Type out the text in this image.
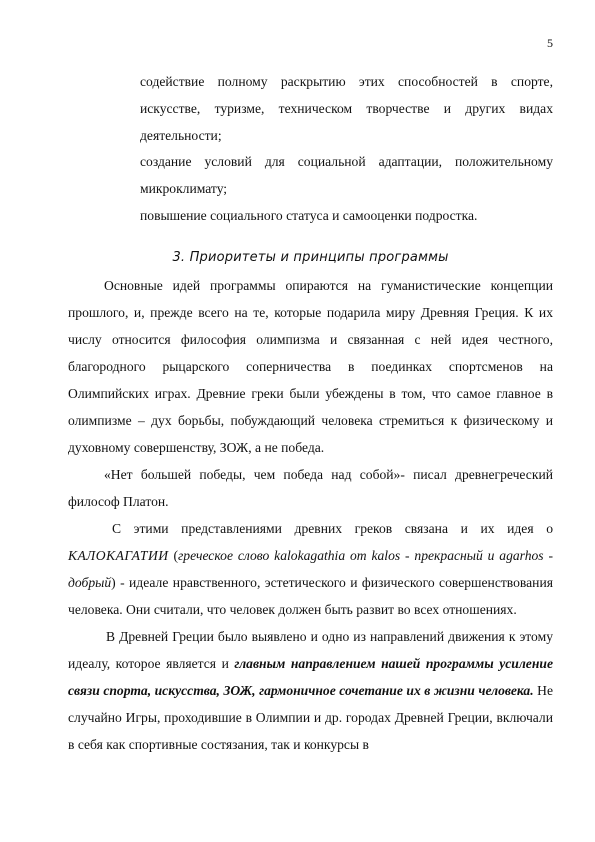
5
содействие полному раскрытию этих способностей в спорте, искусстве, туризме, техническом творчестве и других видах деятельности;
создание условий для социальной адаптации, положительному микроклимату;
повышение социального статуса и самооценки подростка.
3. Приоритеты и принципы программы

Основные идей программы опираются на гуманистические концепции прошлого, и, прежде всего на те, которые подарила миру Древняя Греция. К их числу относится философия олимпизма и связанная с ней идея честного, благородного рыцарского соперничества в поединках спортсменов на Олимпийских играх. Древние греки были убеждены в том, что самое главное в олимпизме – дух борьбы, побуждающий человека стремиться к физическому и духовному совершенству, ЗОЖ, а не победа.

«Нет большей победы, чем победа над собой»- писал древнегреческий философ Платон.

С этими представлениями древних греков связана и их идея о КАЛОКАГАТИИ (греческое слово kalokagathia от kalos - прекрасный и agarhos - добрый) - идеале нравственного, эстетического и физического совершенствования человека. Они считали, что человек должен быть развит во всех отношениях.

В Древней Греции было выявлено и одно из направлений движения к этому идеалу, которое является и главным направлением нашей программы усиление связи спорта, искусства, ЗОЖ, гармоничное сочетание их в жизни человека. Не случайно Игры, проходившие в Олимпии и др. городах Древней Греции, включали в себя как спортивные состязания, так и конкурсы в
